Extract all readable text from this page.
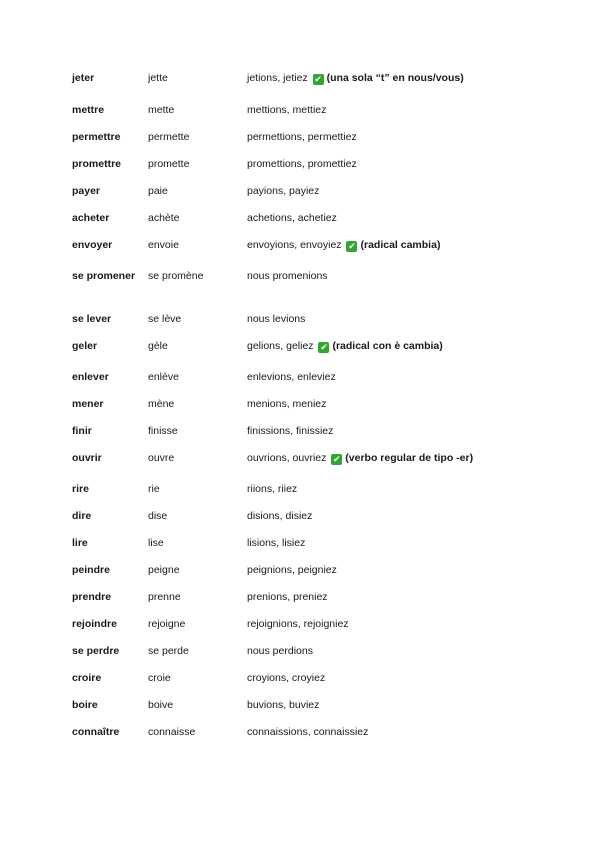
jeter	jette	jetions, jetiez ✔ (una sola “t” en nous/vous)
mettre	mette	mettions, mettiez
permettre	permette	permettions, permettiez
promettre	promette	promettions, promettiez
payer	paie	payions, payiez
acheter	achète	achetions, achetiez
envoyer	envoie	envoyions, envoyiez ✔ (radical cambia)
se promener	se promène	nous promenions
se lever	se lève	nous levions
geler	gèle	gelions, geliez ✔ (radical con è cambia)
enlever	enlève	enlevions, enleviez
mener	mène	menions, meniez
finir	finisse	finissions, finissiez
ouvrir	ouvre	ouvrions, ouvriez ✔ (verbo regular de tipo -er)
rire	rie	riions, riiez
dire	dise	disions, disiez
lire	lise	lisions, lisiez
peindre	peigne	peignions, peigniez
prendre	prenne	prenions, preniez
rejoindre	rejoigne	rejoignions, rejoigniez
se perdre	se perde	nous perdions
croire	croie	croyions, croyiez
boire	boive	buvions, buviez
connaître	connaisse	connaissions, connaissiez
